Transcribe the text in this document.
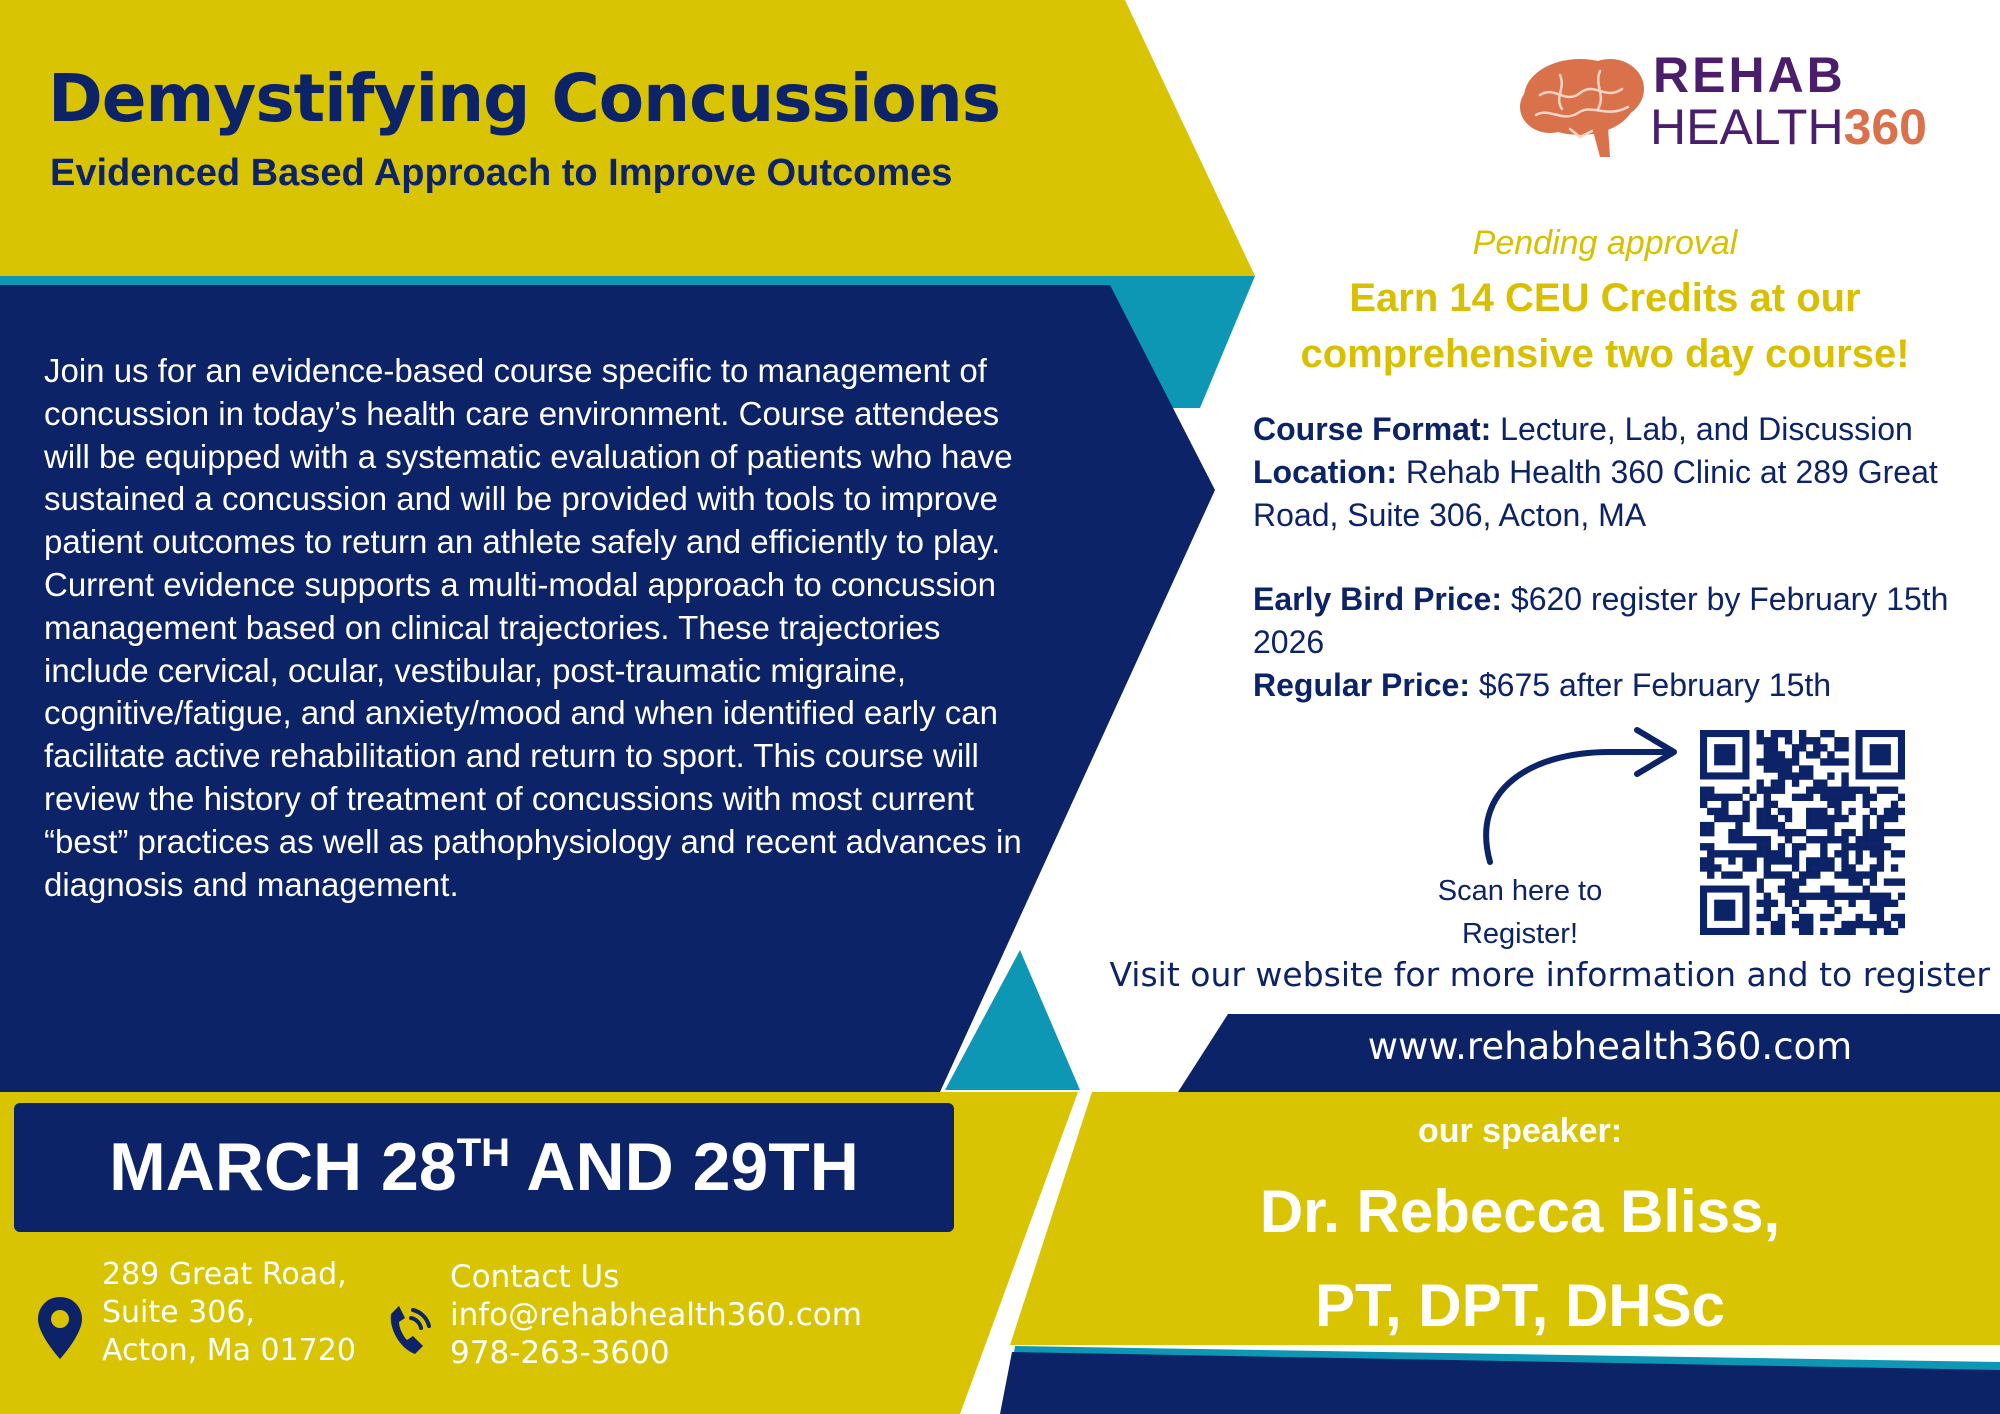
Demystifying Concussions
Evidenced Based Approach to Improve Outcomes
REHAB
HEALTH360
Join us for an evidence-based course specific to management of concussion in today’s health care environment. Course attendees will be equipped with a systematic evaluation of patients who have sustained a concussion and will be provided with tools to improve patient outcomes to return an athlete safely and efficiently to play. Current evidence supports a multi-modal approach to concussion management based on clinical trajectories. These trajectories include cervical, ocular, vestibular, post-traumatic migraine, cognitive/fatigue, and anxiety/mood and when identified early can facilitate active rehabilitation and return to sport. This course will review the history of treatment of concussions with most current “best” practices as well as pathophysiology and recent advances in diagnosis and management.
Pending approval
Earn 14 CEU Credits at our
comprehensive two day course!
Course Format: Lecture, Lab, and Discussion
Location: Rehab Health 360 Clinic at 289 Great Road, Suite 306, Acton, MA
Early Bird Price: $620 register by February 15th 2026
Regular Price: $675 after February 15th
Scan here to
Register!
Visit our website for more information and to register
www.rehabhealth360.com
MARCH 28TH AND 29TH
289 Great Road,
Suite 306,
Acton, Ma 01720
Contact Us
info@rehabhealth360.com
978-263-3600
our speaker:
Dr. Rebecca Bliss,
PT, DPT, DHSc
